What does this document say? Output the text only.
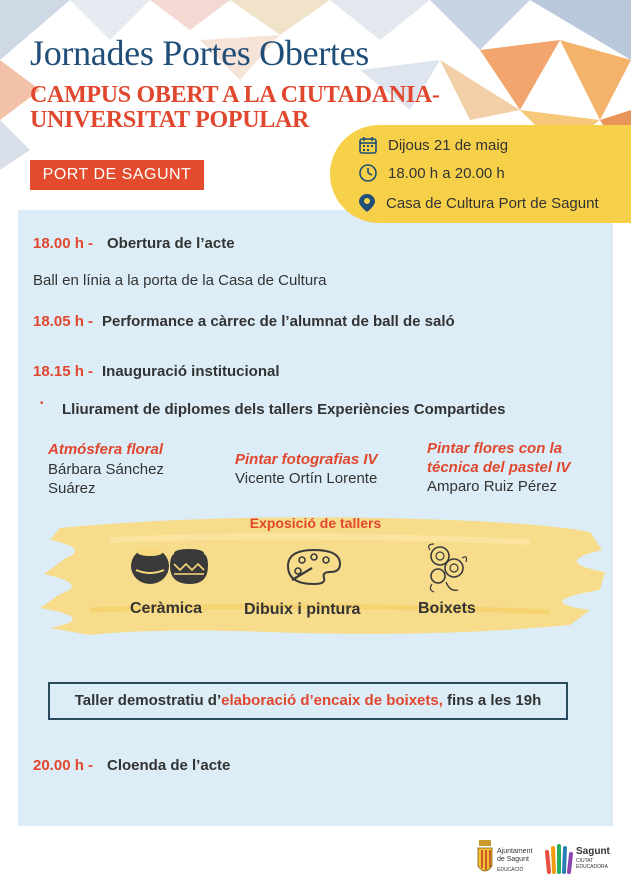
Jornades Portes Obertes
CAMPUS OBERT A LA CIUTADANIA-
UNIVERSITAT POPULAR
PORT DE SAGUNT
Dijous 21 de maig
18.00 h a 20.00 h
Casa de Cultura Port de Sagunt
18.00 h - Obertura de l’acte
Ball en línia a la porta de la Casa de Cultura
18.05 h - Performance a càrrec de l’alumnat de ball de saló
18.15 h - Inauguració institucional
• Lliurament de diplomes dels tallers Experiències Compartides
Atmósfera floral
Bárbara Sánchez
Suárez
Pintar fotografias IV
Vicente Ortín Lorente
Pintar flores con la
técnica del pastel IV
Amparo Ruiz Pérez
Exposició de tallers
Ceràmica	Dibuix i pintura	Boixets
Taller demostratiu d’elaboració d’encaix de boixets, fins a les 19h
20.00 h - Cloenda de l’acte
Ajuntament
de Sagunt
EDUCACIÓ
Sagunt
CIUTAT
EDUCADORA
